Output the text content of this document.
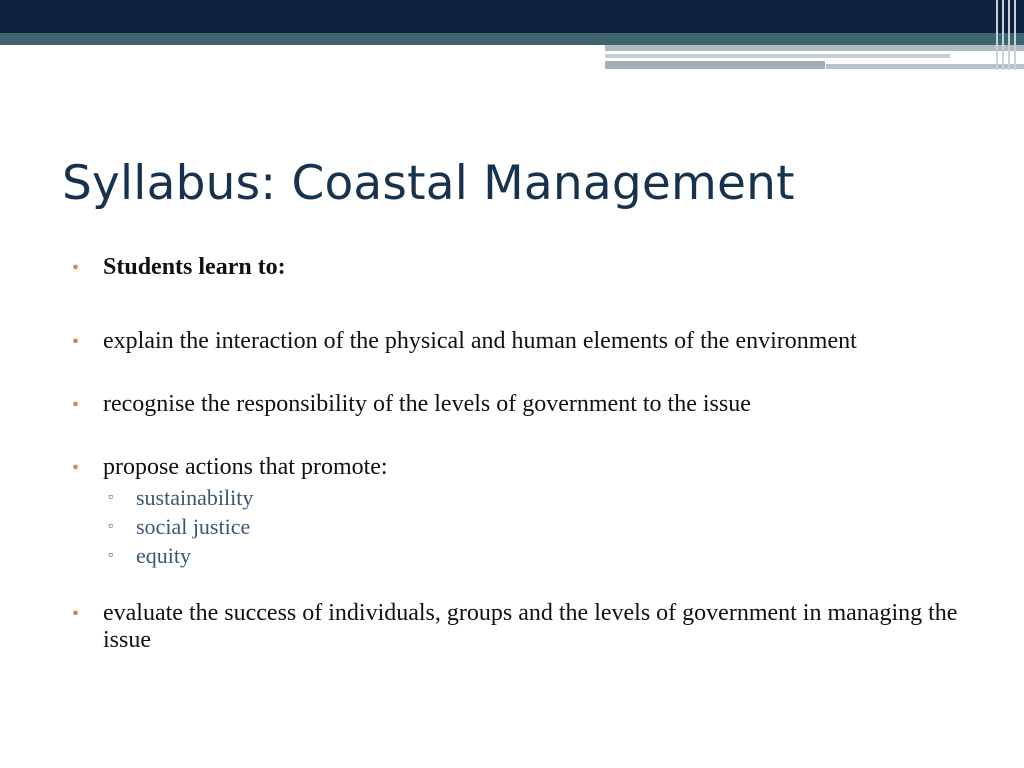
Syllabus: Coastal Management
• Students learn to:
• explain the interaction of the physical and human elements of the environment
• recognise the responsibility of the levels of government to the issue
• propose actions that promote:
▫ sustainability
▫ social justice
▫ equity
• evaluate the success of individuals, groups and the levels of government in managing the issue
